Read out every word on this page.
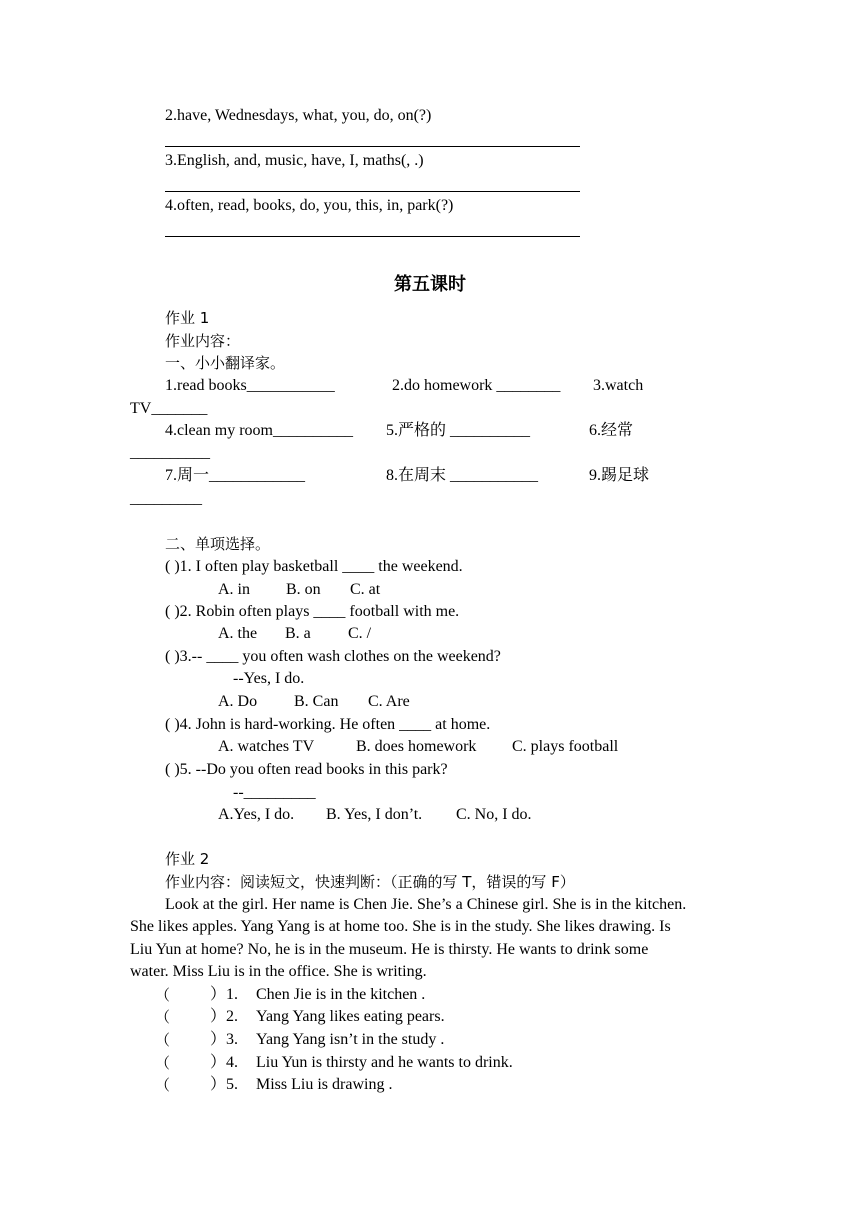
2.have, Wednesdays, what, you, do, on(?)
3.English, and, music, have, I, maths(, .)
4.often, read, books, do, you, this, in, park(?)
第五课时
作业 1
作业内容：
一、小小翻译家。
1.read books___________	2.do homework ________ 3.watch
TV_______
4.clean my room__________ 5.严格的 __________	6.经常
__________
7.周一____________	8.在周末 ___________	9.踢足球
_________
二、单项选择。
( )1. I often play basketball ____ the weekend.
A. in B. on C. at
( )2. Robin often plays ____ football with me.
A. the B. a C. /
( )3.-- ____ you often wash clothes on the weekend?
--Yes, I do.
A. Do B. Can C. Are
( )4. John is hard-working. He often ____ at home.
A. watches TV	B. does homework C. plays football
( )5. --Do you often read books in this park?
--_________
A.Yes, I do. B. Yes, I don’t. C. No, I do.
作业 2
作业内容：阅读短文，快速判断：（正确的写 T，错误的写 F）
Look at the girl. Her name is Chen Jie. She’s a Chinese girl. She is in the kitchen.
She likes apples. Yang Yang is at home too. She is in the study. She likes drawing. Is
Liu Yun at home? No, he is in the museum. He is thirsty. He wants to drink some
water. Miss Liu is in the office. She is writing.
（ ）1. Chen Jie is in the kitchen .
（ ）2. Yang Yang likes eating pears.
（ ）3. Yang Yang isn’t in the study .
（ ）4. Liu Yun is thirsty and he wants to drink.
（ ）5. Miss Liu is drawing .
